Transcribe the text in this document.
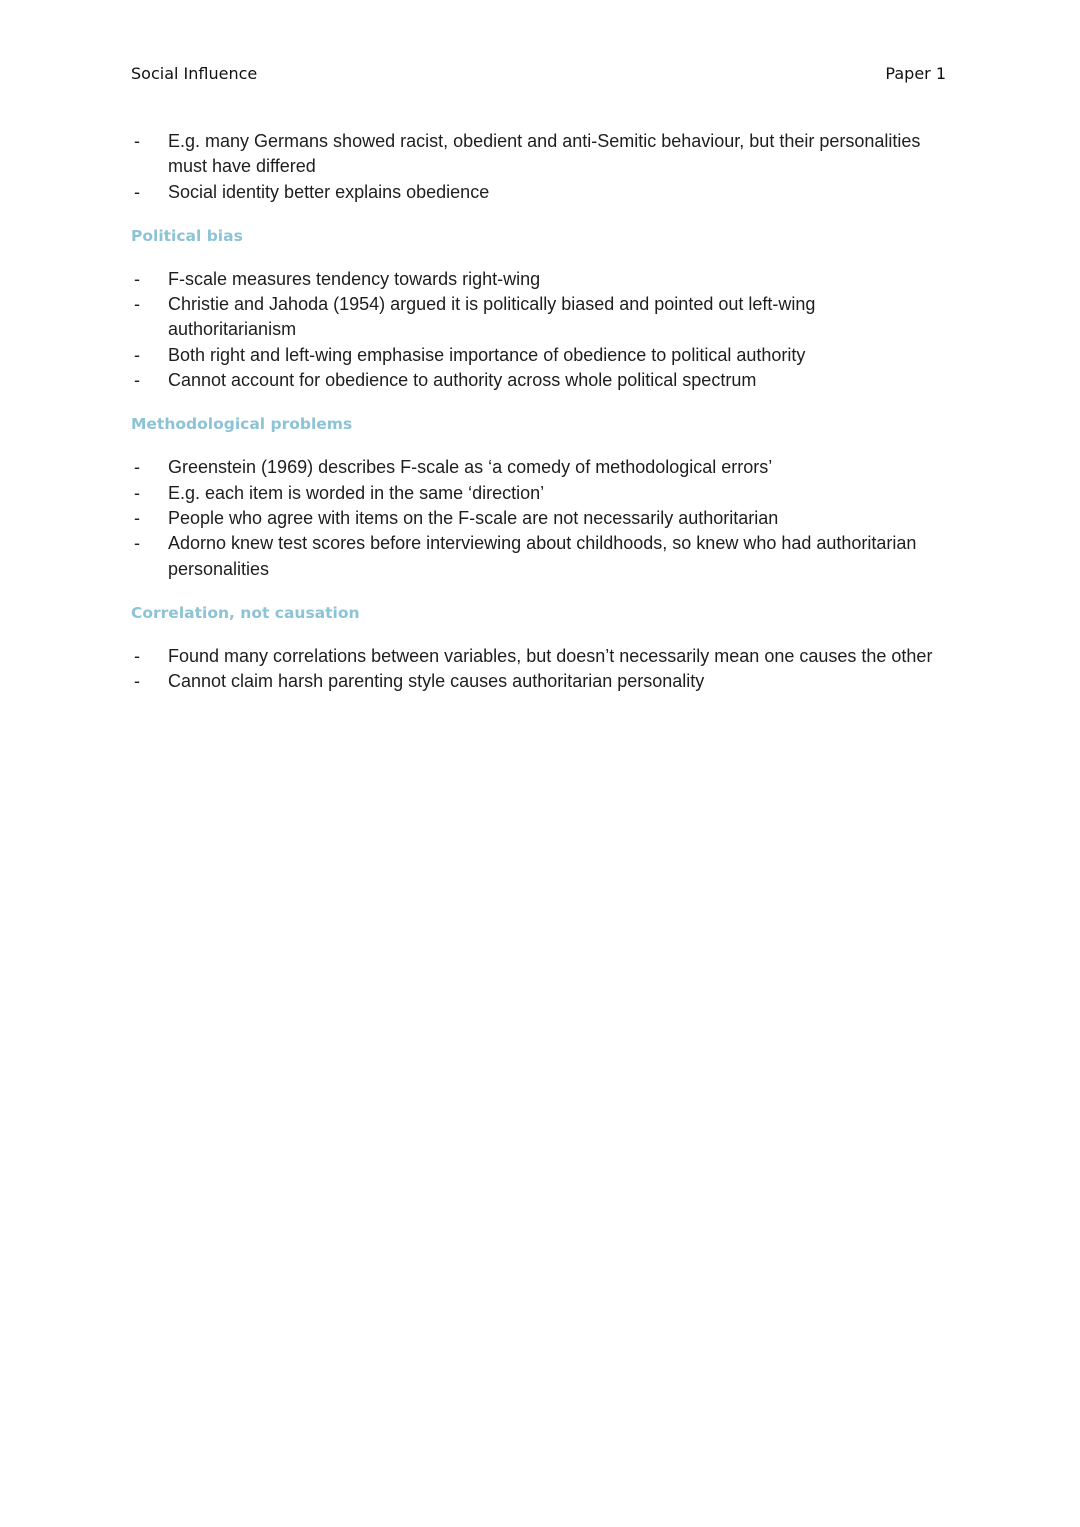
Social Influence	Paper 1
- E.g. many Germans showed racist, obedient and anti-Semitic behaviour, but their personalities must have differed
- Social identity better explains obedience
Political bias
- F-scale measures tendency towards right-wing
- Christie and Jahoda (1954) argued it is politically biased and pointed out left-wing authoritarianism
- Both right and left-wing emphasise importance of obedience to political authority
- Cannot account for obedience to authority across whole political spectrum
Methodological problems
- Greenstein (1969) describes F-scale as ‘a comedy of methodological errors’
- E.g. each item is worded in the same ‘direction’
- People who agree with items on the F-scale are not necessarily authoritarian
- Adorno knew test scores before interviewing about childhoods, so knew who had authoritarian personalities
Correlation, not causation
- Found many correlations between variables, but doesn’t necessarily mean one causes the other
- Cannot claim harsh parenting style causes authoritarian personality
